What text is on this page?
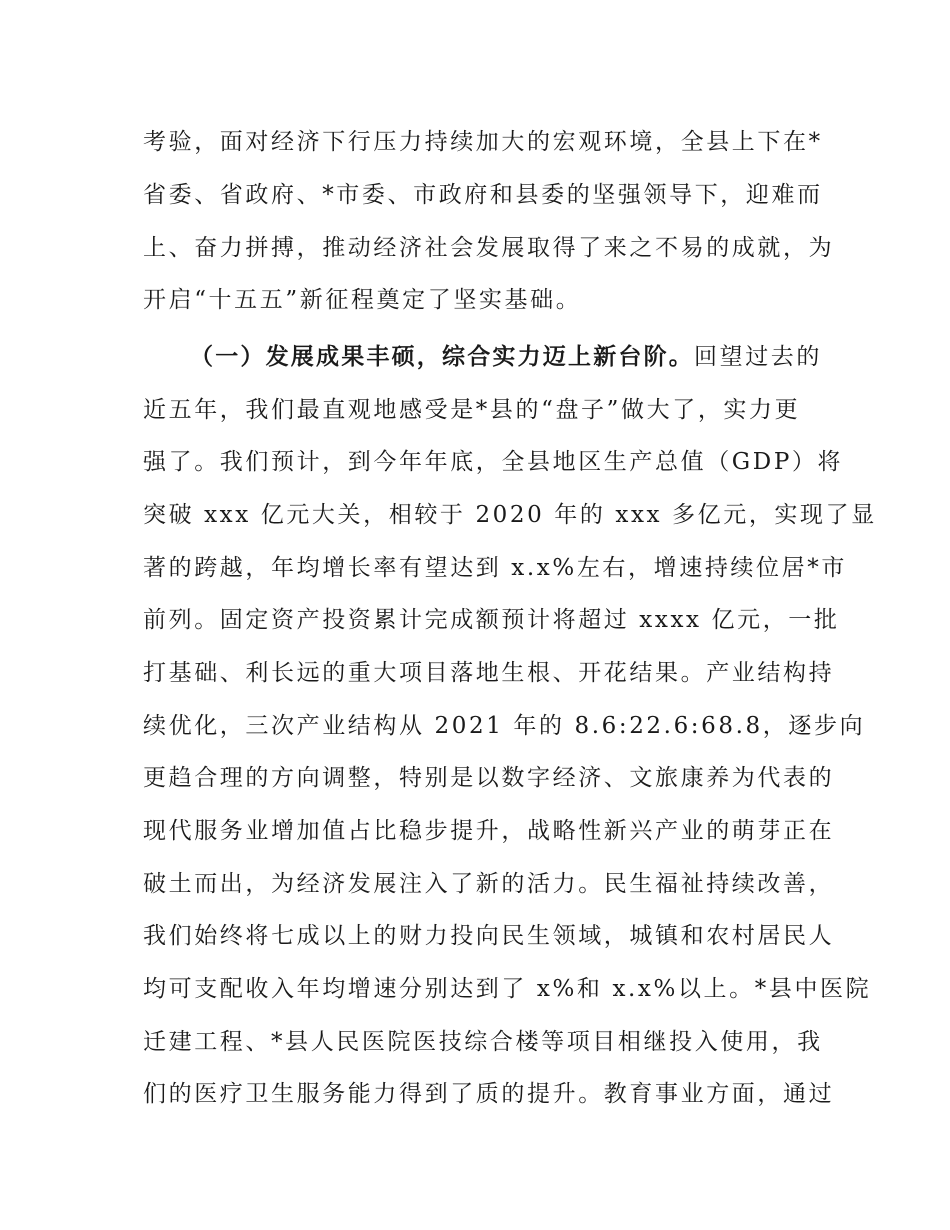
考验，面对经济下行压力持续加大的宏观环境，全县上下在*

省委、省政府、*市委、市政府和县委的坚强领导下，迎难而

上、奋力拼搏，推动经济社会发展取得了来之不易的成就，为

开启“十五五”新征程奠定了坚实基础。

（一）发展成果丰硕，综合实力迈上新台阶。回望过去的

近五年，我们最直观地感受是*县的“盘子”做大了，实力更

强了。我们预计，到今年年底，全县地区生产总值（GDP）将

突破 xxx 亿元大关，相较于 2020 年的 xxx 多亿元，实现了显

著的跨越，年均增长率有望达到 x.x%左右，增速持续位居*市

前列。固定资产投资累计完成额预计将超过 xxxx 亿元，一批

打基础、利长远的重大项目落地生根、开花结果。产业结构持

续优化，三次产业结构从 2021 年的 8.6:22.6:68.8，逐步向

更趋合理的方向调整，特别是以数字经济、文旅康养为代表的

现代服务业增加值占比稳步提升，战略性新兴产业的萌芽正在

破土而出，为经济发展注入了新的活力。民生福祉持续改善，

我们始终将七成以上的财力投向民生领域，城镇和农村居民人

均可支配收入年均增速分别达到了 x%和 x.x%以上。*县中医院

迁建工程、*县人民医院医技综合楼等项目相继投入使用，我

们的医疗卫生服务能力得到了质的提升。教育事业方面，通过
